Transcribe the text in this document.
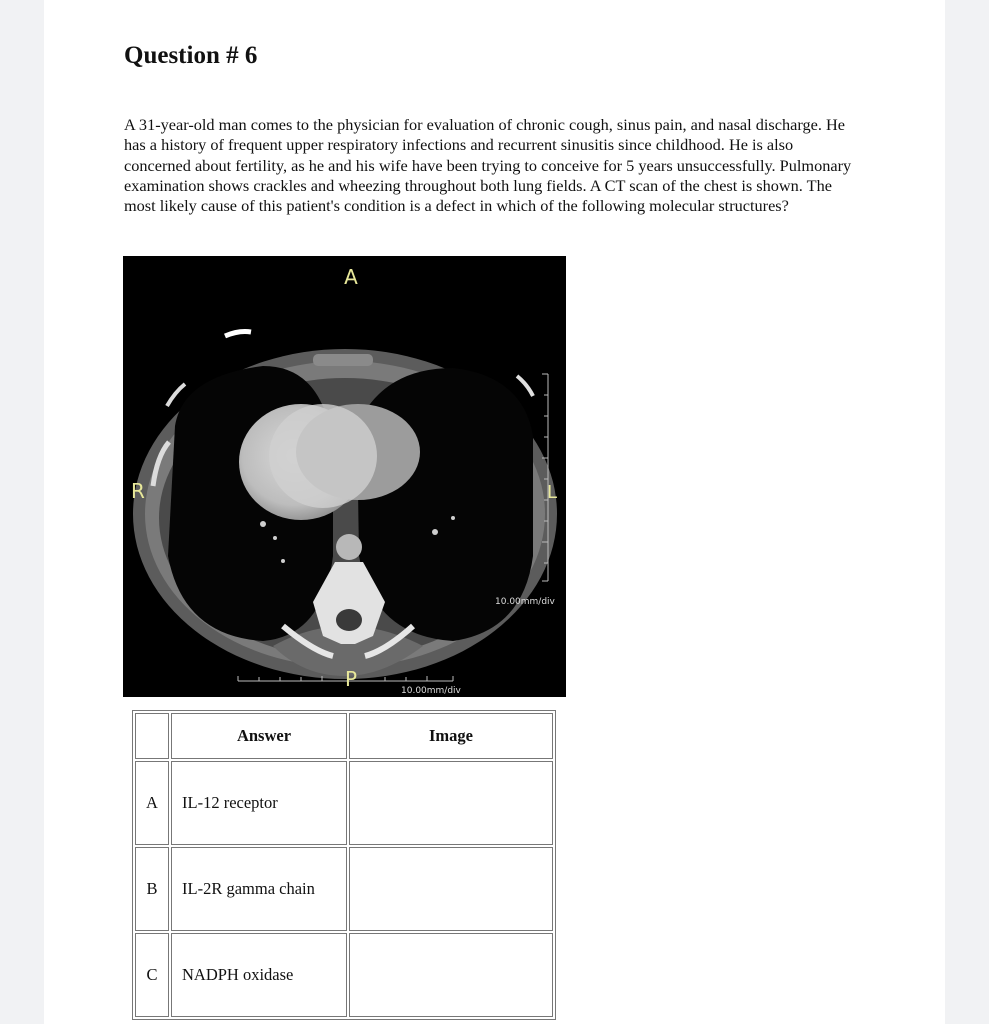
Question # 6

A 31-year-old man comes to the physician for evaluation of chronic cough, sinus pain, and nasal discharge. He has a history of frequent upper respiratory infections and recurrent sinusitis since childhood. He is also concerned about fertility, as he and his wife have been trying to conceive for 5 years unsuccessfully. Pulmonary examination shows crackles and wheezing throughout both lung fields. A CT scan of the chest is shown. The most likely cause of this patient's condition is a defect in which of the following molecular structures?

A
R	L
P
10.00mm/div
10.00mm/div
	Answer	Image
A	IL-12 receptor	
B	IL-2R gamma chain	
C	NADPH oxidase	
